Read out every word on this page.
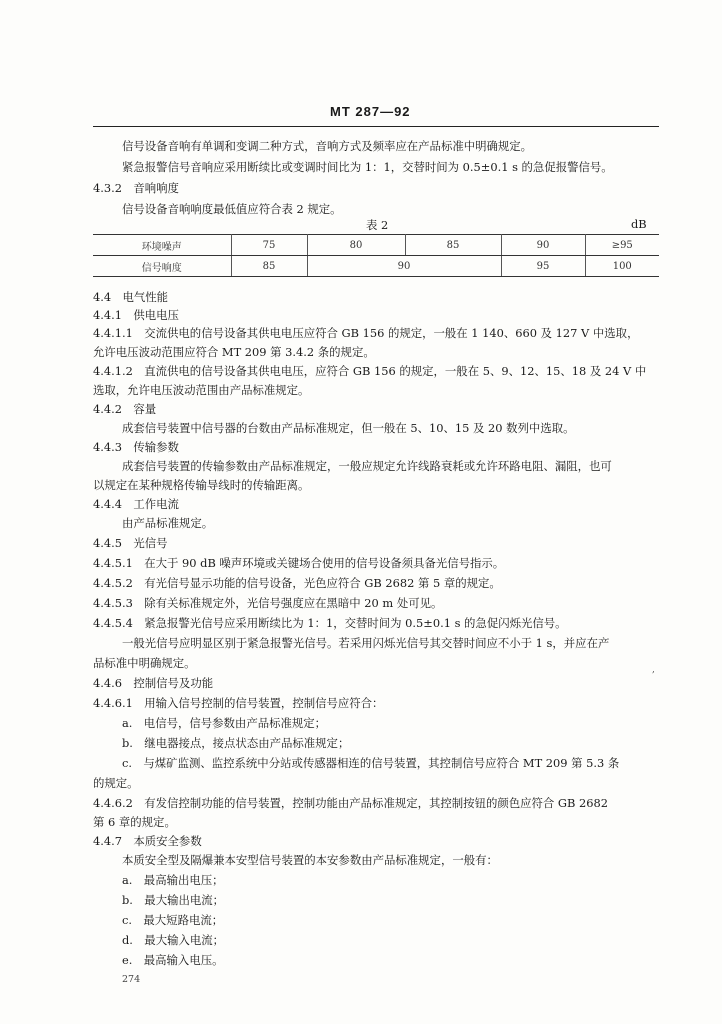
MT 287—92
信号设备音响有单调和变调二种方式，音响方式及频率应在产品标准中明确规定。
紧急报警信号音响应采用断续比或变调时间比为 1：1，交替时间为 0.5±0.1 s 的急促报警信号。
4.3.2　音响响度
信号设备音响响度最低值应符合表 2 规定。
表 2	dB
环境噪声	75	80	85	90	≥95
信号响度	85	90		95	100
4.4　电气性能
4.4.1　供电电压
4.4.1.1　交流供电的信号设备其供电电压应符合 GB 156 的规定，一般在 1 140、660 及 127 V 中选取，
允许电压波动范围应符合 MT 209 第 3.4.2 条的规定。
4.4.1.2　直流供电的信号设备其供电电压，应符合 GB 156 的规定，一般在 5、9、12、15、18 及 24 V 中
选取，允许电压波动范围由产品标准规定。
4.4.2　容量
成套信号装置中信号器的台数由产品标准规定，但一般在 5、10、15 及 20 数列中选取。
4.4.3　传输参数
成套信号装置的传输参数由产品标准规定，一般应规定允许线路衰耗或允许环路电阻、漏阻，也可
以规定在某种规格传输导线时的传输距离。
4.4.4　工作电流
由产品标准规定。
4.4.5　光信号
4.4.5.1　在大于 90 dB 噪声环境或关键场合使用的信号设备须具备光信号指示。
4.4.5.2　有光信号显示功能的信号设备，光色应符合 GB 2682 第 5 章的规定。
4.4.5.3　除有关标准规定外，光信号强度应在黑暗中 20 m 处可见。
4.4.5.4　紧急报警光信号应采用断续比为 1：1，交替时间为 0.5±0.1 s 的急促闪烁光信号。
一般光信号应明显区别于紧急报警光信号。若采用闪烁光信号其交替时间应不小于 1 s，并应在产
品标准中明确规定。
4.4.6　控制信号及功能
4.4.6.1　用输入信号控制的信号装置，控制信号应符合：
a.　电信号，信号参数由产品标准规定；
b.　继电器接点，接点状态由产品标准规定；
c.　与煤矿监测、监控系统中分站或传感器相连的信号装置，其控制信号应符合 MT 209 第 5.3 条
的规定。
4.4.6.2　有发信控制功能的信号装置，控制功能由产品标准规定，其控制按钮的颜色应符合 GB 2682
第 6 章的规定。
4.4.7　本质安全参数
本质安全型及隔爆兼本安型信号装置的本安参数由产品标准规定，一般有：
a.　最高输出电压；
b.　最大输出电流；
c.　最大短路电流；
d.　最大输入电流；
e.　最高输入电压。
,
274
